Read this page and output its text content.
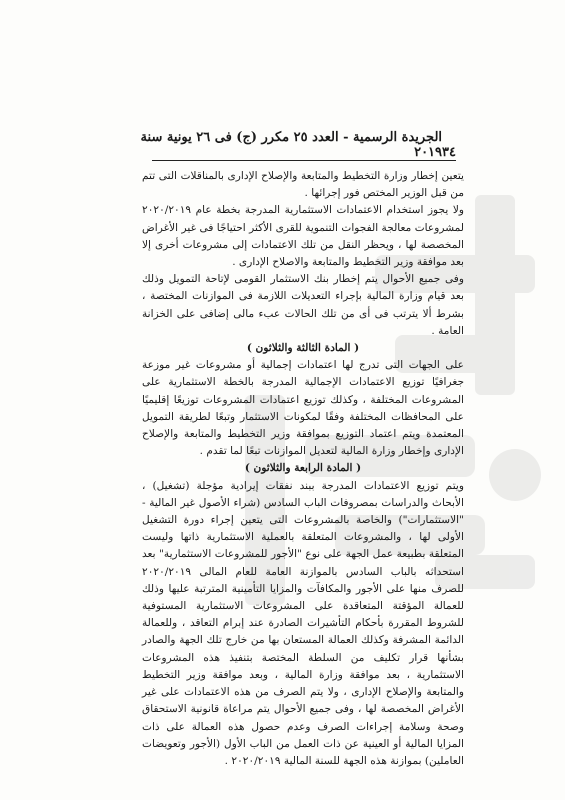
٣٤
الجريدة الرسمية - العدد ٢٥ مكرر (ج) فى ٢٦ يونية سنة ٢٠١٩

يتعين إخطار وزارة التخطيط والمتابعة والإصلاح الإدارى بالمناقلات التى تتم من قبل الوزير المختص فور إجرائها .

ولا يجوز استخدام الاعتمادات الاستثمارية المدرجة بخطة عام ٢٠٢٠/٢٠١٩ لمشروعات معالجة الفجوات التنموية للقرى الأكثر احتياجًا فى غير الأغراض المخصصة لها ، ويحظر النقل من تلك الاعتمادات إلى مشروعات أخرى إلا بعد موافقة وزير التخطيط والمتابعة والاصلاح الإدارى .

وفى جميع الأحوال يتم إخطار بنك الاستثمار القومى لإتاحة التمويل وذلك بعد قيام وزارة المالية بإجراء التعديلات اللازمة فى الموازنات المختصة ، بشرط ألا يترتب فى أى من تلك الحالات عبء مالى إضافى على الخزانة العامة .

( المادة الثالثة والثلاثون )

على الجهات التى تدرج لها اعتمادات إجمالية أو مشروعات غير موزعة جغرافيًا توزيع الاعتمادات الإجمالية المدرجة بالخطة الاستثمارية على المشروعات المختلفة ، وكذلك توزيع اعتمادات المشروعات توزيعًا إقليميًا على المحافظات المختلفة وفقًا لمكونات الاستثمار وتبعًا لطريقة التمويل المعتمدة ويتم اعتماد التوزيع بموافقة وزير التخطيط والمتابعة والإصلاح الإدارى وإخطار وزارة المالية لتعديل الموازنات تبعًا لما تقدم .

( المادة الرابعة والثلاثون )

ويتم توزيع الاعتمادات المدرجة ببند نفقات إيرادية مؤجلة (تشغيل) ، الأبحاث والدراسات بمصروفات الباب السادس (شراء الأصول غير المالية - "الاستثمارات") والخاصة بالمشروعات التى يتعين إجراء دورة التشغيل الأولى لها ، والمشروعات المتعلقة بالعملية الاستثمارية ذاتها وليست المتعلقة بطبيعة عمل الجهة على نوع "الأجور للمشروعات الاستثمارية" بعد استحداثه بالباب السادس بالموازنة العامة للعام المالى ٢٠٢٠/٢٠١٩ للصرف منها على الأجور والمكافآت والمزايا التأمينية المترتبة عليها وذلك للعمالة المؤقتة المتعاقدة على المشروعات الاستثمارية المستوفية للشروط المقررة بأحكام التأشيرات الصادرة عند إبرام التعاقد ، وللعمالة الدائمة المشرفة وكذلك العمالة المستعان بها من خارج تلك الجهة والصادر بشأنها قرار تكليف من السلطة المختصة بتنفيذ هذه المشروعات الاستثمارية ، بعد موافقة وزارة المالية ، وبعد موافقة وزير التخطيط والمتابعة والإصلاح الإدارى ، ولا يتم الصرف من هذه الاعتمادات على غير الأغراض المخصصة لها ، وفى جميع الأحوال يتم مراعاة قانونية الاستحقاق وصحة وسلامة إجراءات الصرف وعدم حصول هذه العمالة على ذات المزايا المالية أو العينية عن ذات العمل من الباب الأول (الأجور وتعويضات العاملين) بموازنة هذه الجهة للسنة المالية ٢٠٢٠/٢٠١٩ .
